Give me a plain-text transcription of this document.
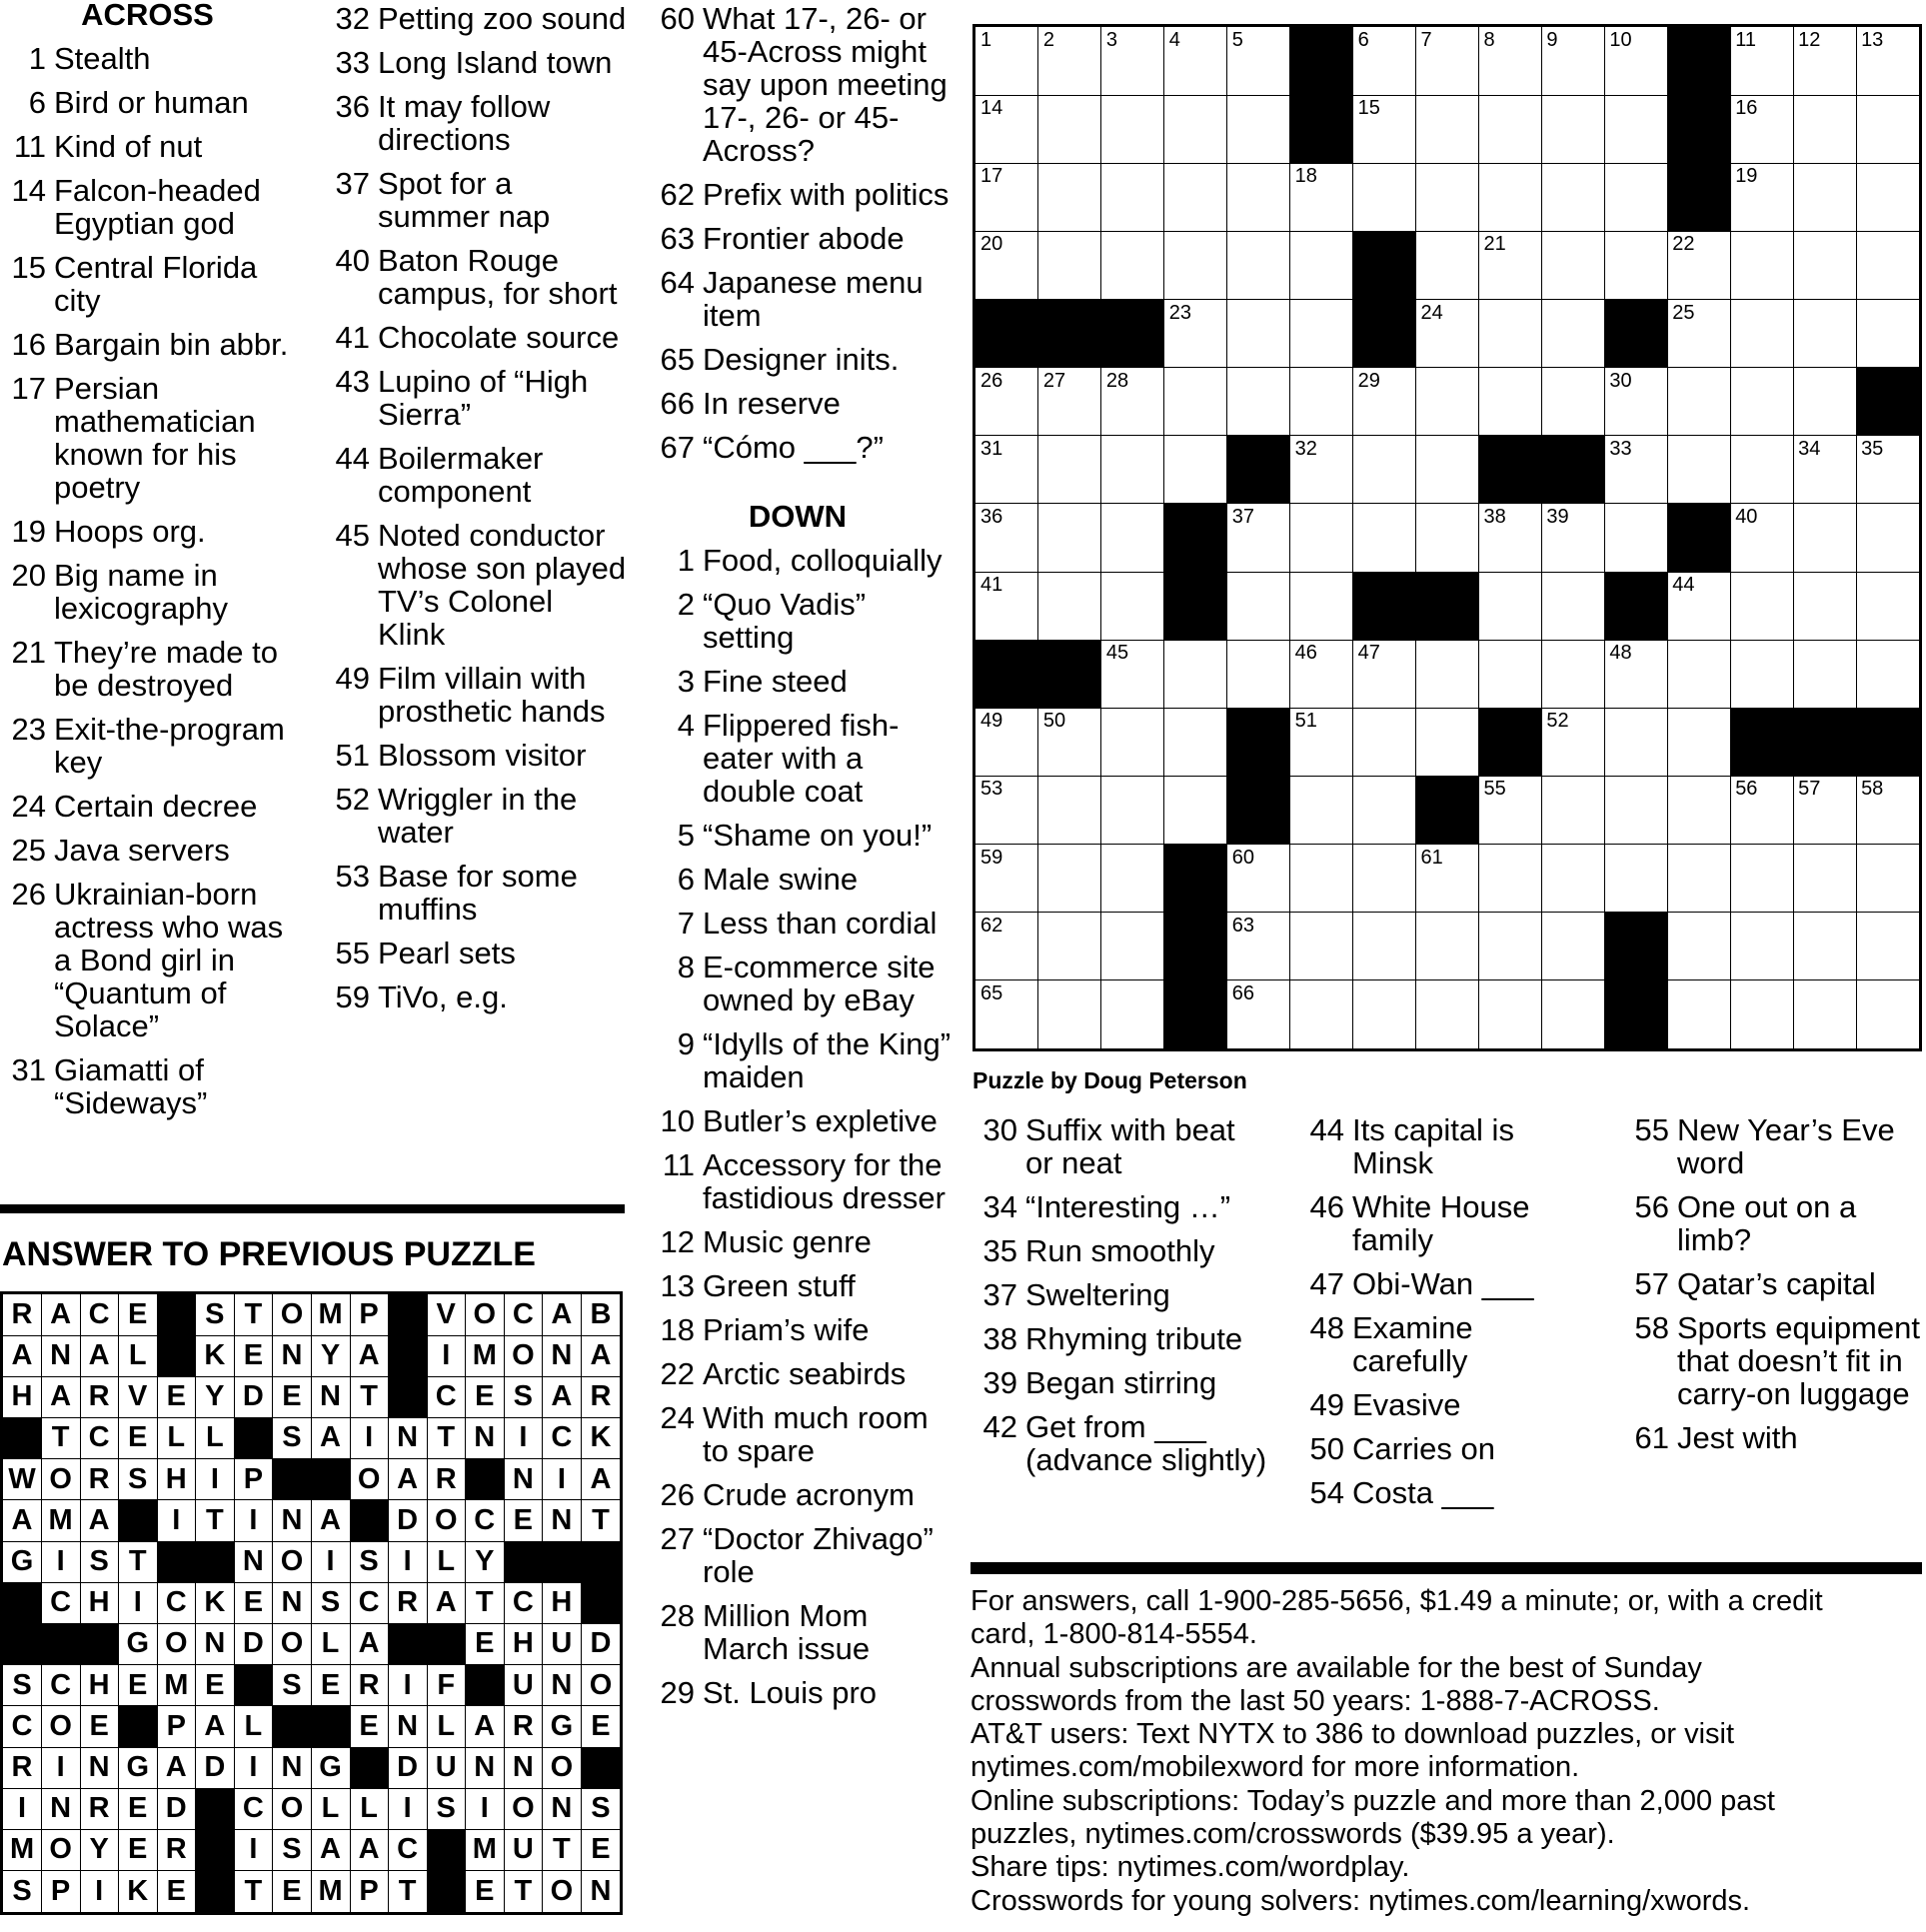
ACROSS
1 Stealth
6 Bird or human
11 Kind of nut
14 Falcon-headed Egyptian god
15 Central Florida city
16 Bargain bin abbr.
17 Persian mathematician known for his poetry
19 Hoops org.
20 Big name in lexicography
21 They’re made to be destroyed
23 Exit-the-program key
24 Certain decree
25 Java servers
26 Ukrainian-born actress who was a Bond girl in “Quantum of Solace”
31 Giamatti of “Sideways”
32 Petting zoo sound
33 Long Island town
36 It may follow directions
37 Spot for a summer nap
40 Baton Rouge campus, for short
41 Chocolate source
43 Lupino of “High Sierra”
44 Boilermaker component
45 Noted conductor whose son played TV’s Colonel Klink
49 Film villain with prosthetic hands
51 Blossom visitor
52 Wriggler in the water
53 Base for some muffins
55 Pearl sets
59 TiVo, e.g.
60 What 17-, 26- or 45-Across might say upon meeting 17-, 26- or 45-Across?
62 Prefix with politics
63 Frontier abode
64 Japanese menu item
65 Designer inits.
66 In reserve
67 “Cómo ___?”
DOWN
1 Food, colloquially
2 “Quo Vadis” setting
3 Fine steed
4 Flippered fish-eater with a double coat
5 “Shame on you!”
6 Male swine
7 Less than cordial
8 E-commerce site owned by eBay
9 “Idylls of the King” maiden
10 Butler’s expletive
11 Accessory for the fastidious dresser
12 Music genre
13 Green stuff
18 Priam’s wife
22 Arctic seabirds
24 With much room to spare
26 Crude acronym
27 “Doctor Zhivago” role
28 Million Mom March issue
29 St. Louis pro
1	2	3	4	5	6	7	8	9	10	11 12 13
14	15	16
17	18	19
20	21	22
23	24	25
26 27 28	29	30
31	32	33	34 35
36	37	38 39	40
41	42	43	44
45	46 47	48
49 50	51	52
53	54	55	56 57 58
59	60	61
62	63	64
65	66	67
Puzzle by Doug Peterson
30 Suffix with beat or neat
34 “Interesting …”
35 Run smoothly
37 Sweltering
38 Rhyming tribute
39 Began stirring
42 Get from ___ (advance slightly)
44 Its capital is Minsk
46 White House family
47 Obi-Wan ___
48 Examine carefully
49 Evasive
50 Carries on
54 Costa ___
55 New Year’s Eve word
56 One out on a limb?
57 Qatar’s capital
58 Sports equipment that doesn’t fit in carry-on luggage
61 Jest with
ANSWER TO PREVIOUS PUZZLE
R A C E	S T O M P	V O C A B
A N A L	K E N Y A	I M O N A
H A R V E Y D E N T	C E S A R
T C E L L	S A I N T N I C K
W O R S H I P	O A R	N I A
A M A	I T I N A	D O C E N T
G I S T	N O I S I L Y
C H I C K E N S C R A T C H
G O N D O L A	E H U D
S C H E M E	S E R I F	U N O
C O E	P A L	E N L A R G E
R I N G A D I N G	D U N N O
I N R E D	C O L L I S I O N S
M O Y E R	I S A A C	M U T E
S P I K E	T E M P T	E T O N
For answers, call 1-900-285-5656, $1.49 a minute; or, with a credit
card, 1-800-814-5554.
Annual subscriptions are available for the best of Sunday
crosswords from the last 50 years: 1-888-7-ACROSS.
AT&T users: Text NYTX to 386 to download puzzles, or visit
nytimes.com/mobilexword for more information.
Online subscriptions: Today’s puzzle and more than 2,000 past
puzzles, nytimes.com/crosswords ($39.95 a year).
Share tips: nytimes.com/wordplay.
Crosswords for young solvers: nytimes.com/learning/xwords.
